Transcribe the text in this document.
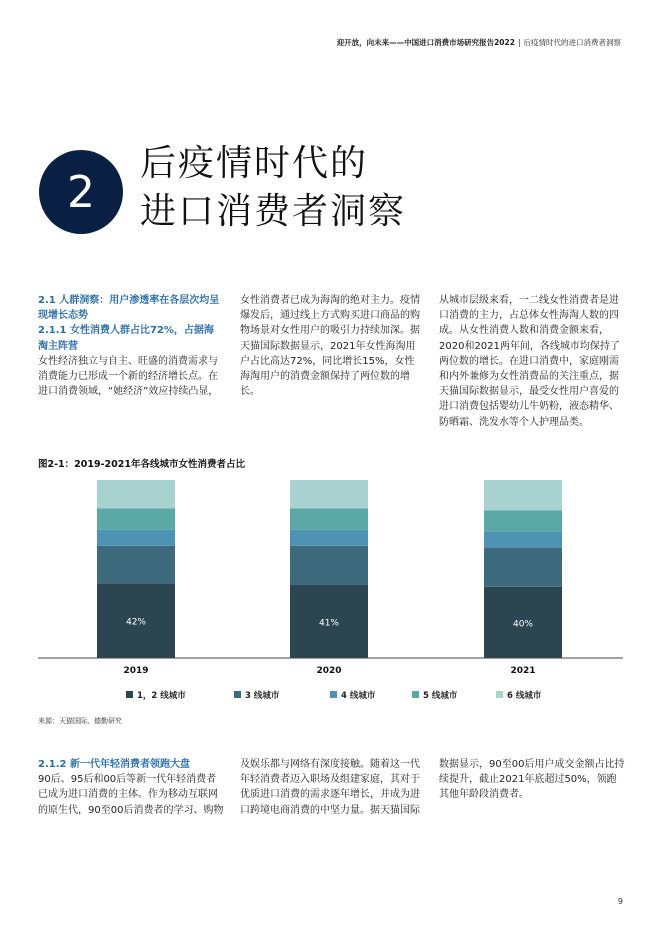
迎开放，向未来——中国进口消费市场研究报告2022 | 后疫情时代的进口消费者洞察
2
后疫情时代的
进口消费者洞察
2.1 人群洞察：用户渗透率在各层次均呈现增长态势
2.1.1 女性消费人群占比72%，占据海淘主阵营
女性经济独立与自主、旺盛的消费需求与消费能力已形成一个新的经济增长点。在进口消费领域，“她经济”效应持续凸显，
女性消费者已成为海淘的绝对主力。疫情爆发后，通过线上方式购买进口商品的购物场景对女性用户的吸引力持续加深。据天猫国际数据显示，2021年女性海淘用户占比高达72%，同比增长15%，女性海淘用户的消费金额保持了两位数的增长。
从城市层级来看，一二线女性消费者是进口消费的主力，占总体女性海淘人数的四成。从女性消费人数和消费金额来看，2020和2021两年间，各线城市均保持了两位数的增长。在进口消费中，家庭刚需和内外兼修为女性消费品的关注重点，据天猫国际数据显示，最受女性用户喜爱的进口消费包括婴幼儿牛奶粉，液态精华、防晒霜、洗发水等个人护理品类。
图2-1：2019-2021年各线城市女性消费者占比
42%
2019
41%
2020
40%
2021
1，2 线城市	3 线城市	4 线城市	5 线城市	6 线城市
来源：天猫国际、德勤研究
2.1.2 新一代年轻消费者领跑大盘
90后、95后和00后等新一代年轻消费者已成为进口消费的主体。作为移动互联网的原生代，90至00后消费者的学习、购物
及娱乐都与网络有深度接触。随着这一代年轻消费者迈入职场及组建家庭，其对于优质进口消费的需求逐年增长，并成为进口跨境电商消费的中坚力量。据天猫国际
数据显示，90至00后用户成交金额占比持续提升，截止2021年底超过50%，领跑其他年龄段消费者。
9
